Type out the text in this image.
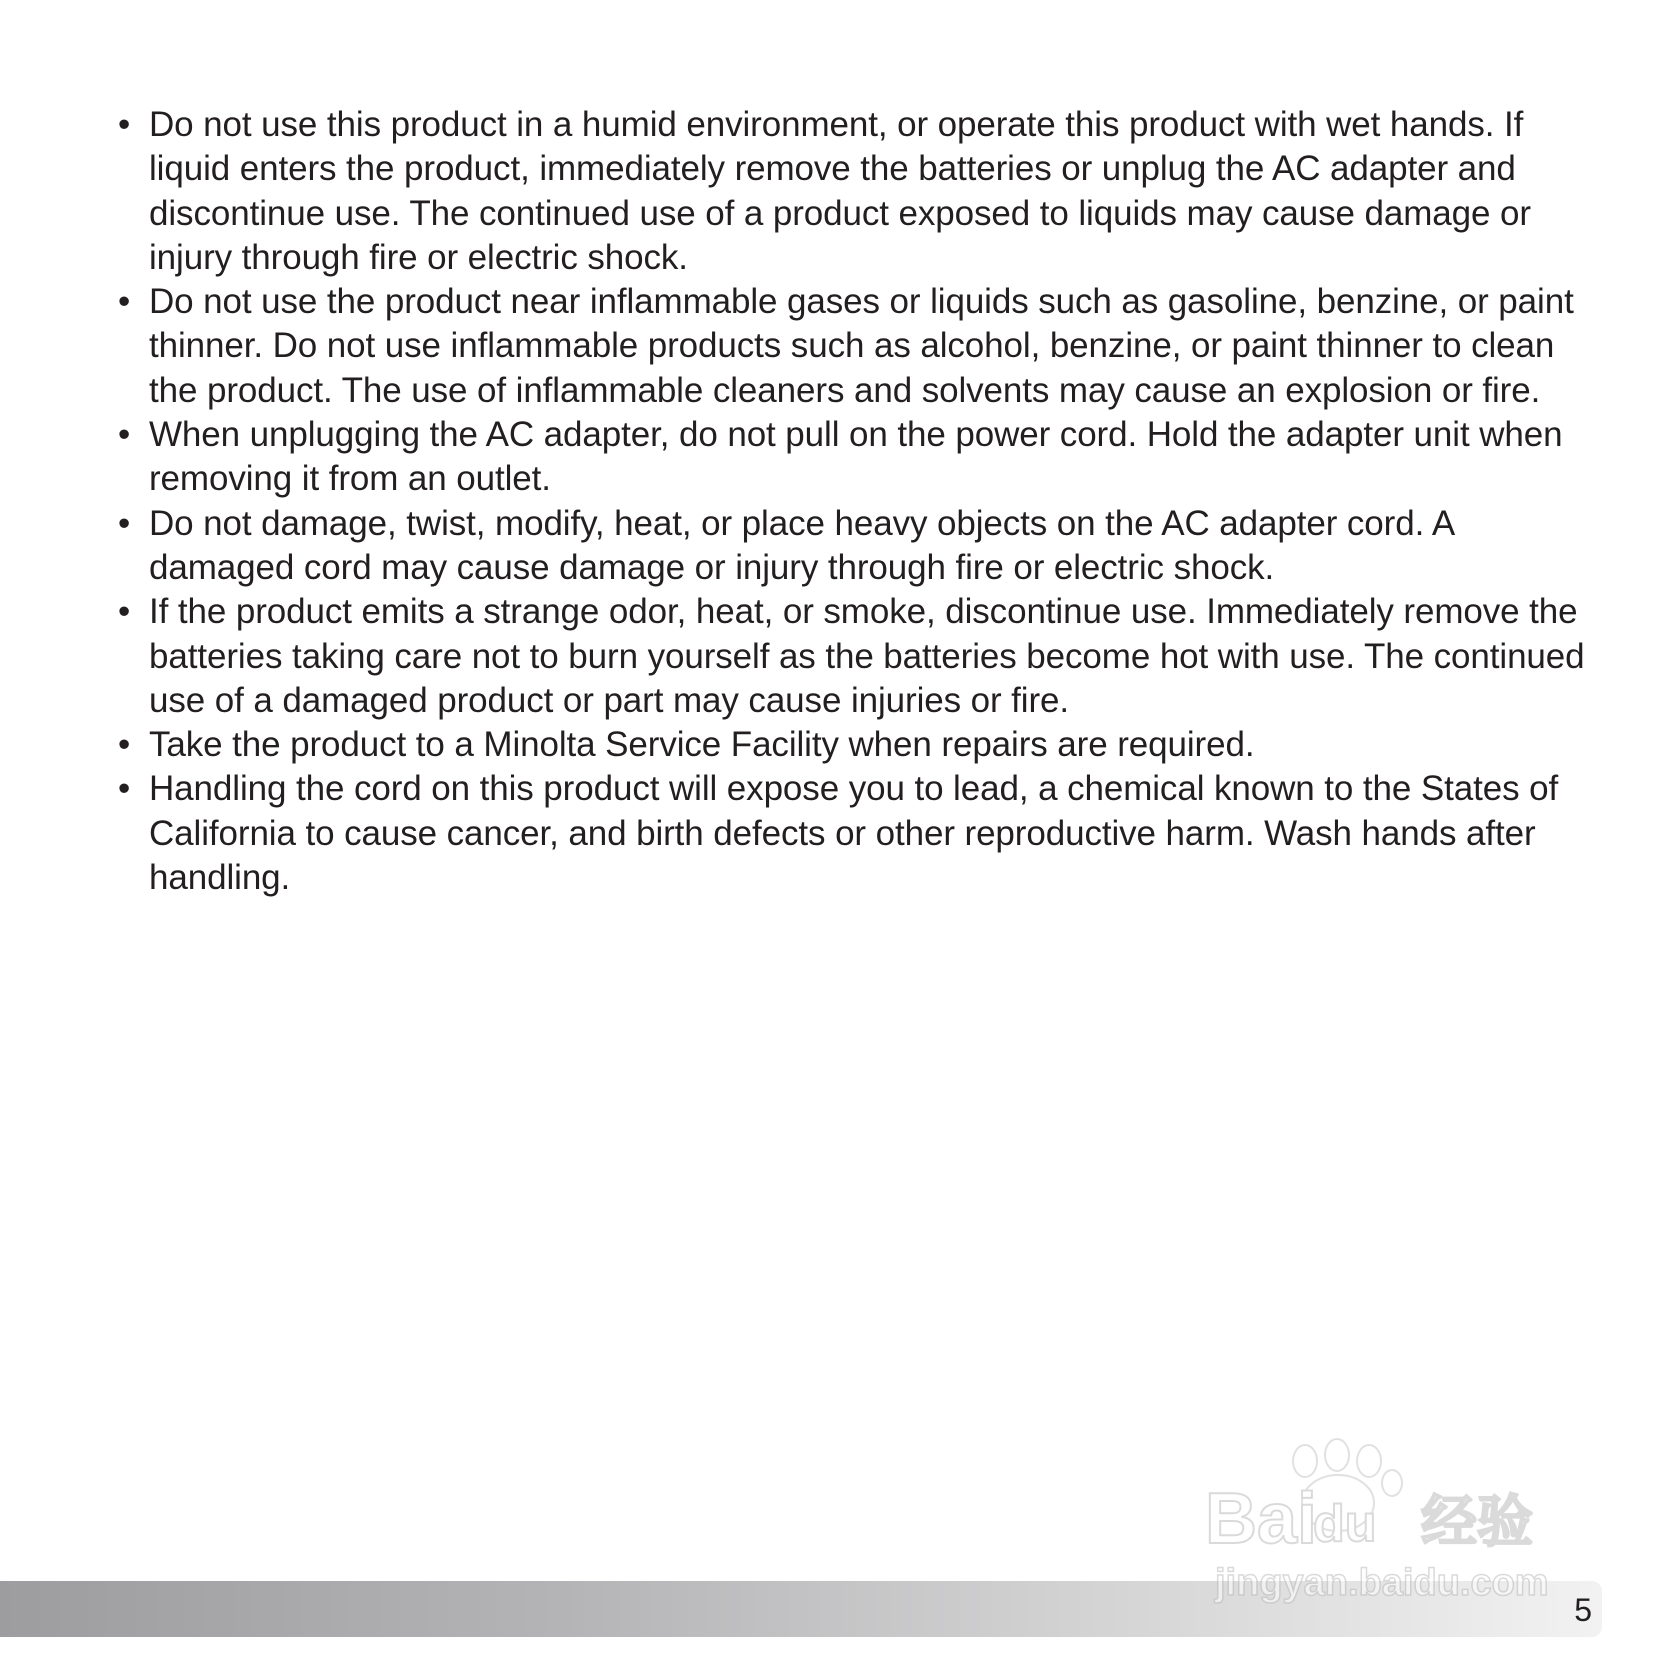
• Do not use this product in a humid environment, or operate this product with wet hands. If liquid enters the product, immediately remove the batteries or unplug the AC adapter and discontinue use. The continued use of a product exposed to liquids may cause damage or injury through fire or electric shock.
• Do not use the product near inflammable gases or liquids such as gasoline, benzine, or paint thinner. Do not use inflammable products such as alcohol, benzine, or paint thinner to clean the product. The use of inflammable cleaners and solvents may cause an explosion or fire.
• When unplugging the AC adapter, do not pull on the power cord. Hold the adapter unit when removing it from an outlet.
• Do not damage, twist, modify, heat, or place heavy objects on the AC adapter cord. A damaged cord may cause damage or injury through fire or electric shock.
• If the product emits a strange odor, heat, or smoke, discontinue use. Immediately remove the batteries taking care not to burn yourself as the batteries become hot with use. The continued use of a damaged product or part may cause injuries or fire.
• Take the product to a Minolta Service Facility when repairs are required.
• Handling the cord on this product will expose you to lead, a chemical known to the States of California to cause cancer, and birth defects or other reproductive harm. Wash hands after handling.
5
Bai
du 经验
jingyan.baidu.com
